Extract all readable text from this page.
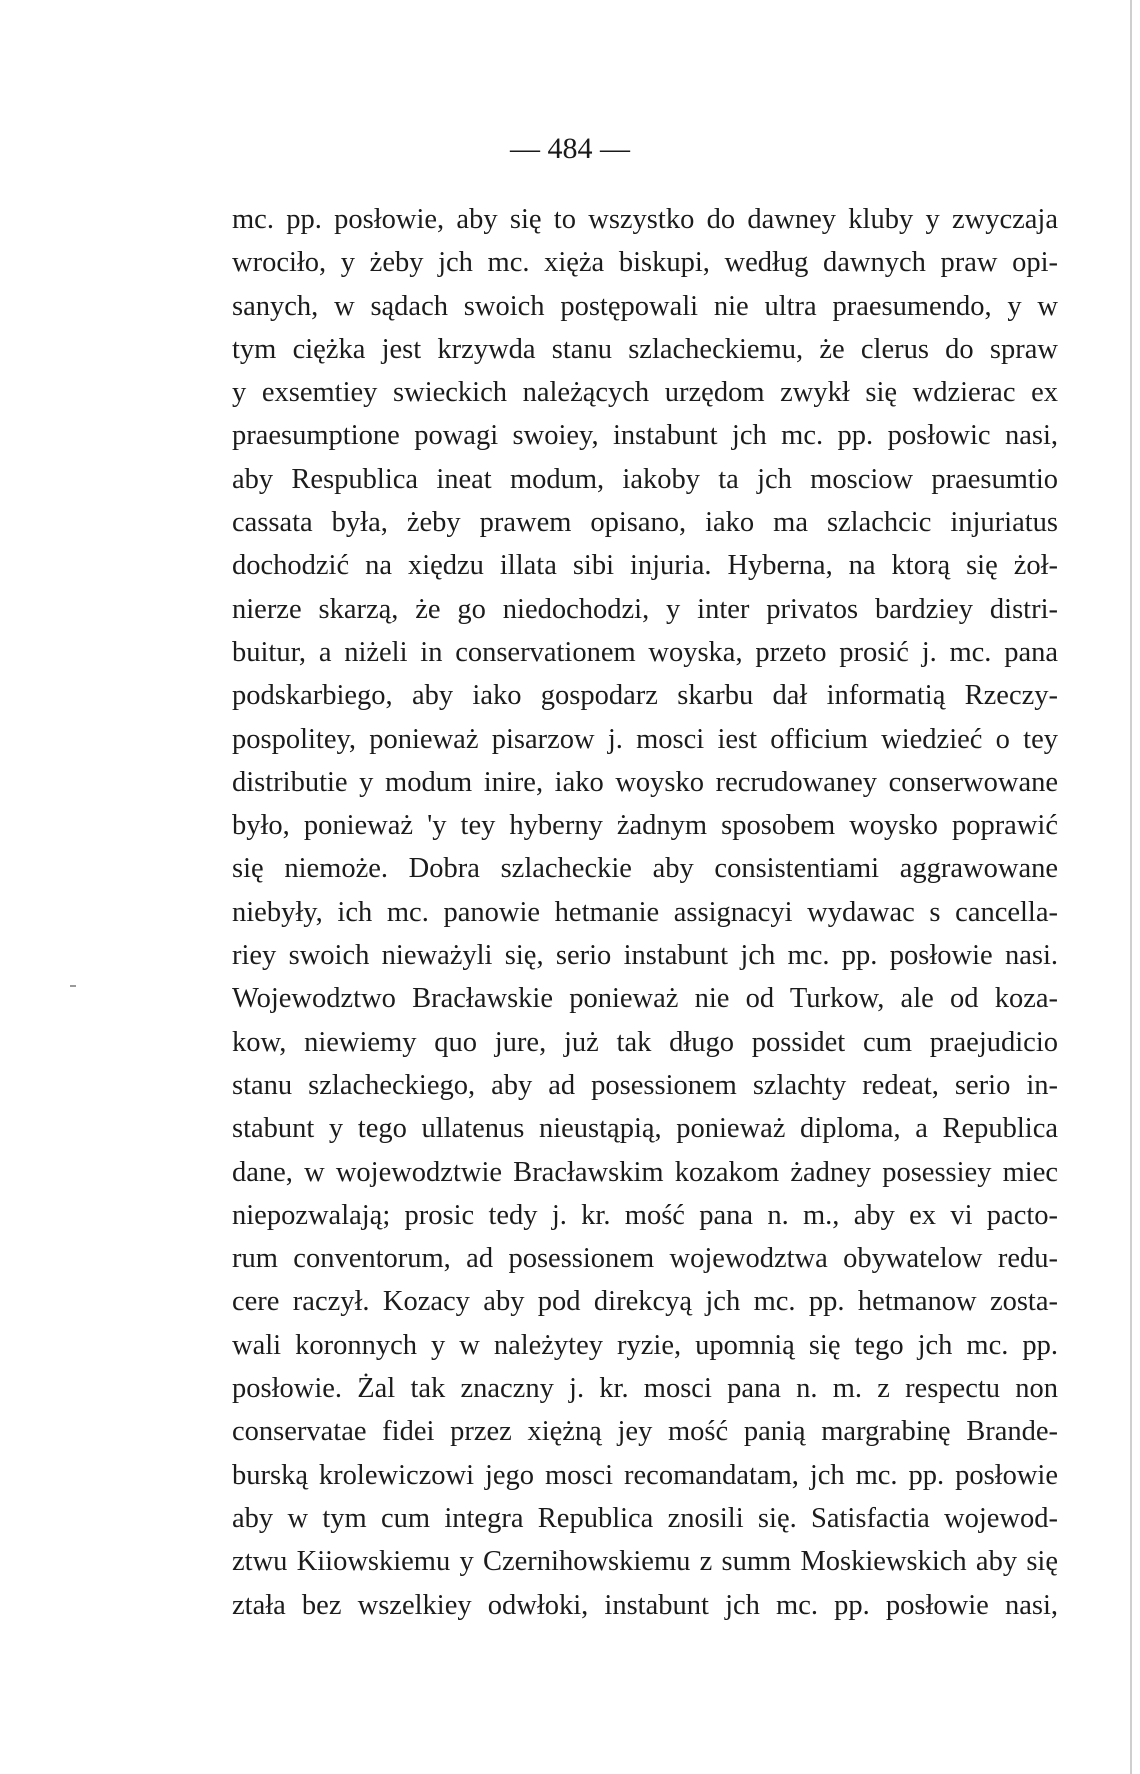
— 484 —
mc. pp. posłowie, aby się to wszystko do dawney kluby y zwyczaja
wrociło, y żeby jch mc. xięża biskupi, według dawnych praw opi-
sanych, w sądach swoich postępowali nie ultra praesumendo, y w
tym ciężka jest krzywda stanu szlacheckiemu, że clerus do spraw
y exsemtiey swieckich należących urzędom zwykł się wdzierac ex
praesumptione powagi swoiey, instabunt jch mc. pp. posłowic nasi,
aby Respublica ineat modum, iakoby ta jch mosciow praesumtio
cassata była, żeby prawem opisano, iako ma szlachcic injuriatus
dochodzić na xiędzu illata sibi injuria. Hyberna, na ktorą się żoł-
nierze skarzą, że go niedochodzi, y inter privatos bardziey distri-
buitur, a niżeli in conservationem woyska, przeto prosić j. mc. pana
podskarbiego, aby iako gospodarz skarbu dał informatią Rzeczy-
pospolitey, ponieważ pisarzow j. mosci iest officium wiedzieć o tey
distributie y modum inire, iako woysko recrudowaney conserwowane
było, ponieważ 'y tey hyberny żadnym sposobem woysko poprawić
się niemoże. Dobra szlacheckie aby consistentiami aggrawowane
niebyły, ich mc. panowie hetmanie assignacyi wydawac s cancella-
riey swoich nieważyli się, serio instabunt jch mc. pp. posłowie nasi.
Wojewodztwo Bracławskie ponieważ nie od Turkow, ale od koza-
kow, niewiemy quo jure, już tak długo possidet cum praejudicio
stanu szlacheckiego, aby ad posessionem szlachty redeat, serio in-
stabunt y tego ullatenus nieustąpią, ponieważ diploma, a Republica
dane, w wojewodztwie Bracławskim kozakom żadney posessiey miec
niepozwalają; prosic tedy j. kr. mość pana n. m., aby ex vi pacto-
rum conventorum, ad posessionem wojewodztwa obywatelow redu-
cere raczył. Kozacy aby pod direkcyą jch mc. pp. hetmanow zosta-
wali koronnych y w należytey ryzie, upomnią się tego jch mc. pp.
posłowie. Żal tak znaczny j. kr. mosci pana n. m. z respectu non
conservatae fidei przez xiężną jey mość panią margrabinę Brande-
burską krolewiczowi jego mosci recomandatam, jch mc. pp. posłowie
aby w tym cum integra Republica znosili się. Satisfactia wojewod-
ztwu Kiiowskiemu y Czernihowskiemu z summ Moskiewskich aby się
ztała bez wszelkiey odwłoki, instabunt jch mc. pp. posłowie nasi,
